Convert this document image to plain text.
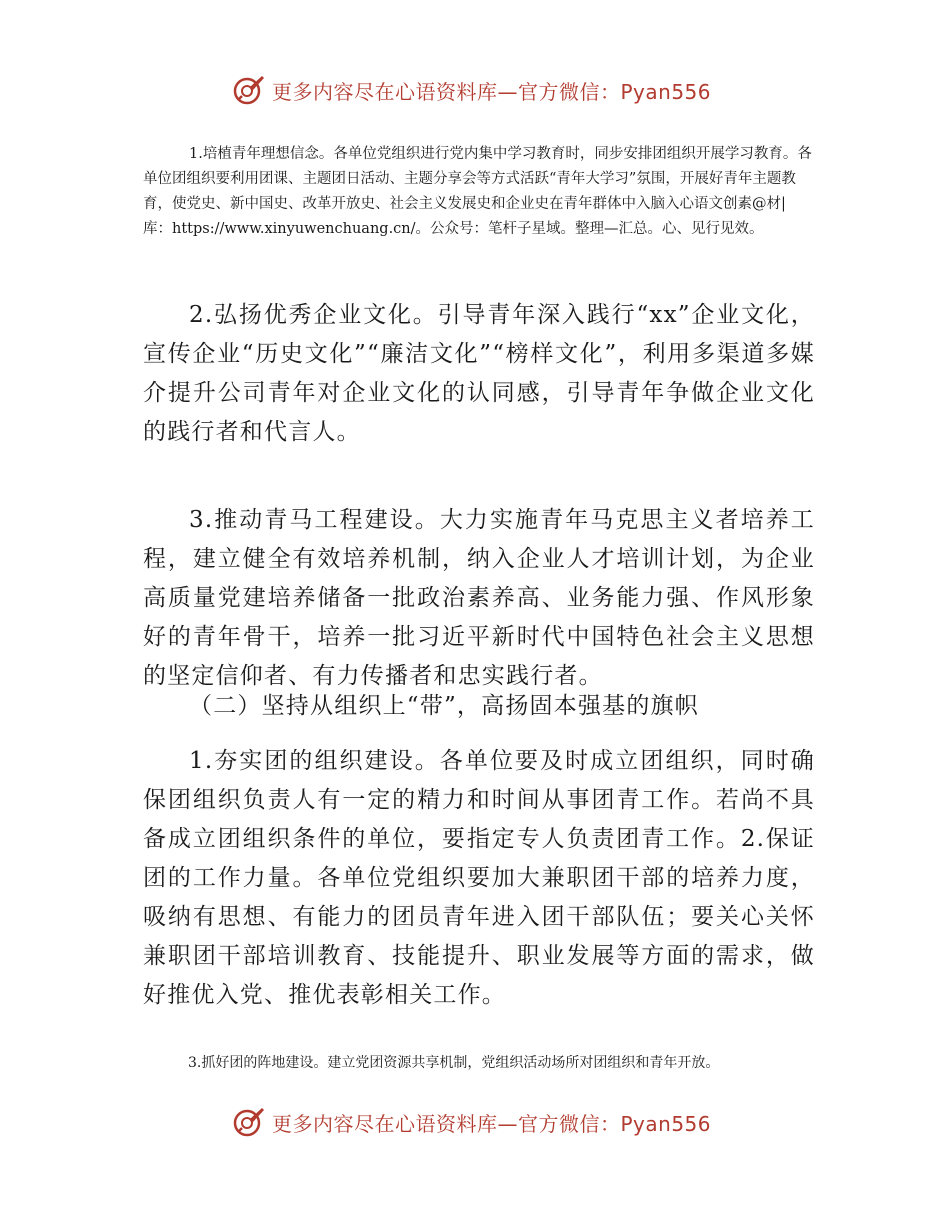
更多内容尽在心语资料库—官方微信：Pyan556

1.培植青年理想信念。各单位党组织进行党内集中学习教育时，同步安排团组织开展学习教育。各单位团组织要利用团课、主题团日活动、主题分享会等方式活跃“青年大学习”氛围，开展好青年主题教育，使党史、新中国史、改革开放史、社会主义发展史和企业史在青年群体中入脑入心语文创素@材|库：https://www.xinyuwenchuang.cn/。公众号：笔杆子星域。整理—汇总。心、见行见效。

2.弘扬优秀企业文化。引导青年深入践行“xx”企业文化，宣传企业“历史文化”“廉洁文化”“榜样文化”，利用多渠道多媒介提升公司青年对企业文化的认同感，引导青年争做企业文化的践行者和代言人。

3.推动青马工程建设。大力实施青年马克思主义者培养工程，建立健全有效培养机制，纳入企业人才培训计划，为企业高质量党建培养储备一批政治素养高、业务能力强、作风形象好的青年骨干，培养一批习近平新时代中国特色社会主义思想的坚定信仰者、有力传播者和忠实践行者。

（二）坚持从组织上“带”，高扬固本强基的旗帜

1.夯实团的组织建设。各单位要及时成立团组织，同时确保团组织负责人有一定的精力和时间从事团青工作。若尚不具备成立团组织条件的单位，要指定专人负责团青工作。2.保证团的工作力量。各单位党组织要加大兼职团干部的培养力度，吸纳有思想、有能力的团员青年进入团干部队伍；要关心关怀兼职团干部培训教育、技能提升、职业发展等方面的需求，做好推优入党、推优表彰相关工作。

3.抓好团的阵地建设。建立党团资源共享机制，党组织活动场所对团组织和青年开放。

更多内容尽在心语资料库—官方微信：Pyan556
